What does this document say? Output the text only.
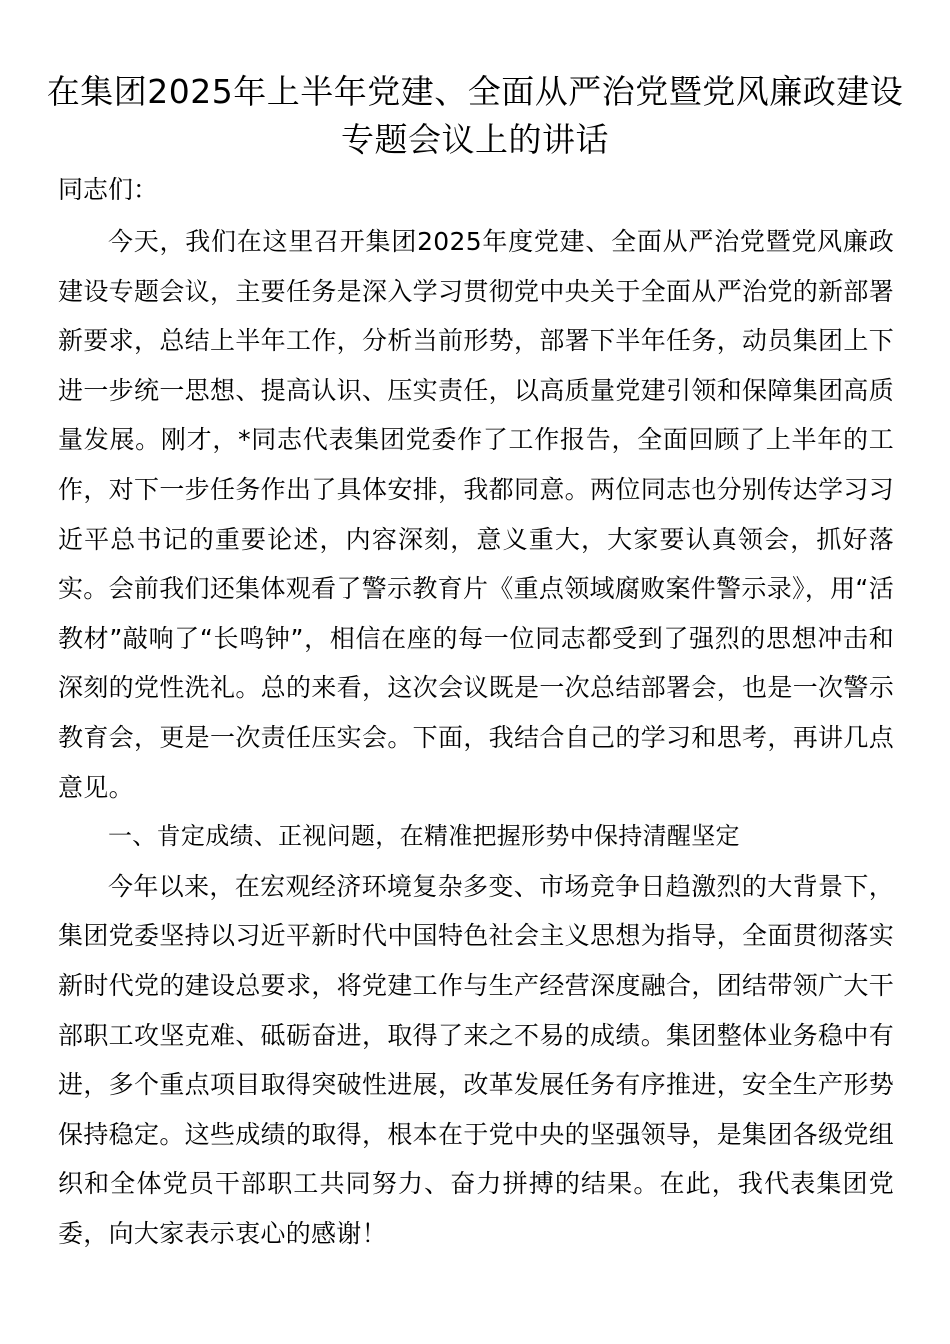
在集团2025年上半年党建、全面从严治党暨党风廉政建设专题会议上的讲话

同志们：

今天，我们在这里召开集团2025年度党建、全面从严治党暨党风廉政建设专题会议，主要任务是深入学习贯彻党中央关于全面从严治党的新部署新要求，总结上半年工作，分析当前形势，部署下半年任务，动员集团上下进一步统一思想、提高认识、压实责任，以高质量党建引领和保障集团高质量发展。刚才，*同志代表集团党委作了工作报告，全面回顾了上半年的工作，对下一步任务作出了具体安排，我都同意。两位同志也分别传达学习习近平总书记的重要论述，内容深刻，意义重大，大家要认真领会，抓好落实。会前我们还集体观看了警示教育片《重点领域腐败案件警示录》，用“活教材”敲响了“长鸣钟”，相信在座的每一位同志都受到了强烈的思想冲击和深刻的党性洗礼。总的来看，这次会议既是一次总结部署会，也是一次警示教育会，更是一次责任压实会。下面，我结合自己的学习和思考，再讲几点意见。

一、肯定成绩、正视问题，在精准把握形势中保持清醒坚定

今年以来，在宏观经济环境复杂多变、市场竞争日趋激烈的大背景下，集团党委坚持以习近平新时代中国特色社会主义思想为指导，全面贯彻落实新时代党的建设总要求，将党建工作与生产经营深度融合，团结带领广大干部职工攻坚克难、砥砺奋进，取得了来之不易的成绩。集团整体业务稳中有进，多个重点项目取得突破性进展，改革发展任务有序推进，安全生产形势保持稳定。这些成绩的取得，根本在于党中央的坚强领导，是集团各级党组织和全体党员干部职工共同努力、奋力拼搏的结果。在此，我代表集团党委，向大家表示衷心的感谢！
